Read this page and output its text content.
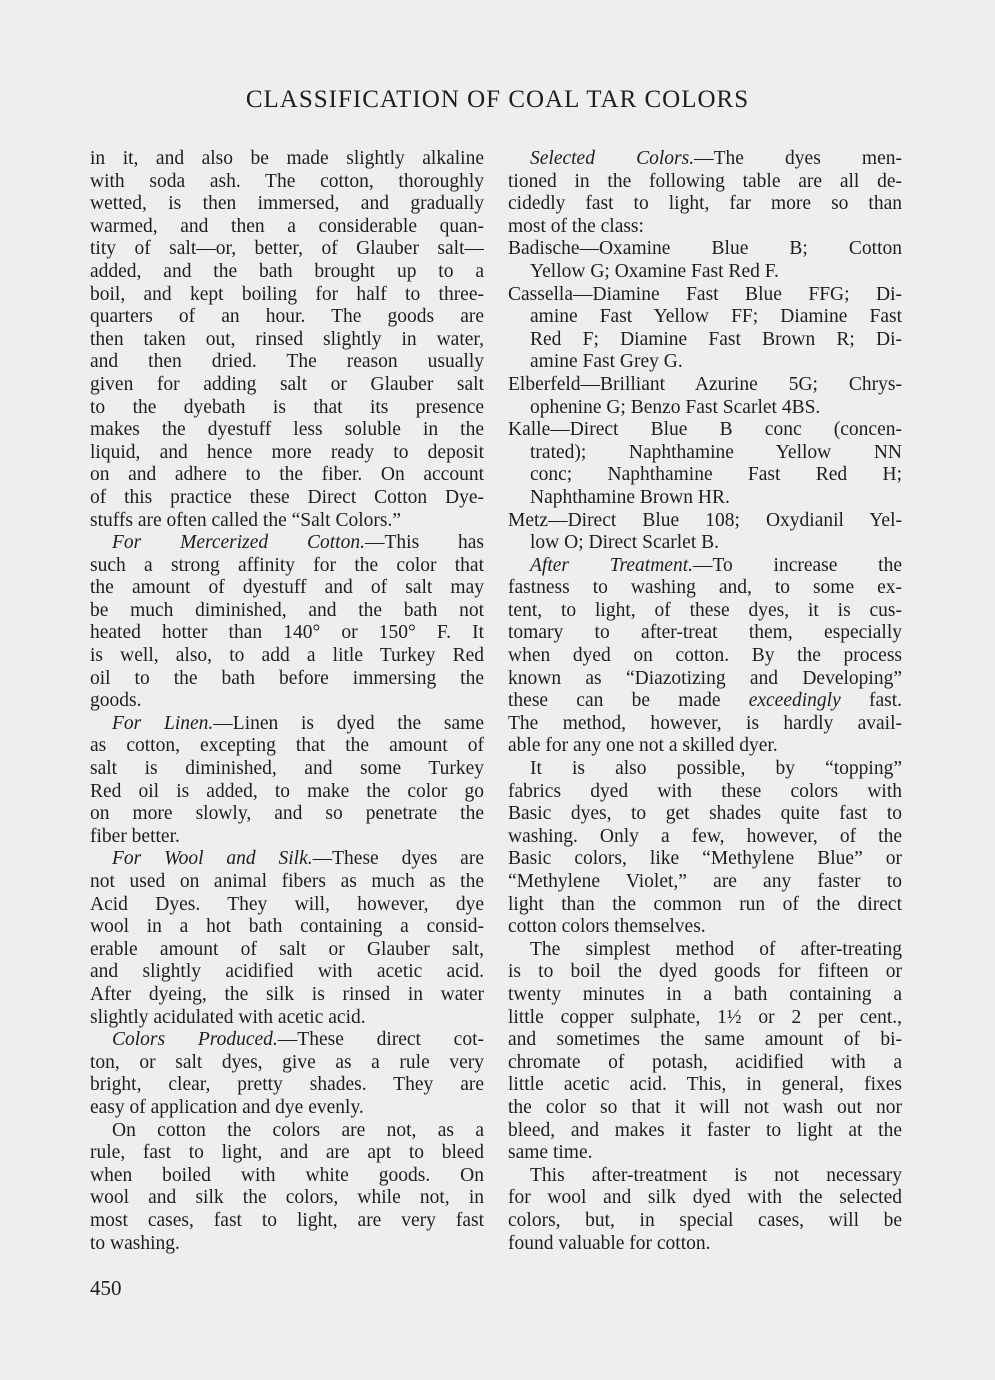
CLASSIFICATION OF COAL TAR COLORS
in it, and also be made slightly alkaline
with soda ash. The cotton, thoroughly
wetted, is then immersed, and gradually
warmed, and then a considerable quan-
tity of salt—or, better, of Glauber salt—
added, and the bath brought up to a
boil, and kept boiling for half to three-
quarters of an hour. The goods are
then taken out, rinsed slightly in water,
and then dried. The reason usually
given for adding salt or Glauber salt
to the dyebath is that its presence
makes the dyestuff less soluble in the
liquid, and hence more ready to deposit
on and adhere to the fiber. On account
of this practice these Direct Cotton Dye-
stuffs are often called the “Salt Colors.”
For Mercerized Cotton.—This has
such a strong affinity for the color that
the amount of dyestuff and of salt may
be much diminished, and the bath not
heated hotter than 140° or 150° F. It
is well, also, to add a litle Turkey Red
oil to the bath before immersing the
goods.
For Linen.—Linen is dyed the same
as cotton, excepting that the amount of
salt is diminished, and some Turkey
Red oil is added, to make the color go
on more slowly, and so penetrate the
fiber better.
For Wool and Silk.—These dyes are
not used on animal fibers as much as the
Acid Dyes. They will, however, dye
wool in a hot bath containing a consid-
erable amount of salt or Glauber salt,
and slightly acidified with acetic acid.
After dyeing, the silk is rinsed in water
slightly acidulated with acetic acid.
Colors Produced.—These direct cot-
ton, or salt dyes, give as a rule very
bright, clear, pretty shades. They are
easy of application and dye evenly.
On cotton the colors are not, as a
rule, fast to light, and are apt to bleed
when boiled with white goods. On
wool and silk the colors, while not, in
most cases, fast to light, are very fast
to washing.
Selected Colors.—The dyes men-
tioned in the following table are all de-
cidedly fast to light, far more so than
most of the class:
Badische—Oxamine Blue B; Cotton
Yellow G; Oxamine Fast Red F.
Cassella—Diamine Fast Blue FFG; Di-
amine Fast Yellow FF; Diamine Fast
Red F; Diamine Fast Brown R; Di-
amine Fast Grey G.
Elberfeld—Brilliant Azurine 5G; Chrys-
ophenine G; Benzo Fast Scarlet 4BS.
Kalle—Direct Blue B conc (concen-
trated); Naphthamine Yellow NN
conc; Naphthamine Fast Red H;
Naphthamine Brown HR.
Metz—Direct Blue 108; Oxydianil Yel-
low O; Direct Scarlet B.
After Treatment.—To increase the
fastness to washing and, to some ex-
tent, to light, of these dyes, it is cus-
tomary to after-treat them, especially
when dyed on cotton. By the process
known as “Diazotizing and Developing”
these can be made exceedingly fast.
The method, however, is hardly avail-
able for any one not a skilled dyer.
It is also possible, by “topping”
fabrics dyed with these colors with
Basic dyes, to get shades quite fast to
washing. Only a few, however, of the
Basic colors, like “Methylene Blue” or
“Methylene Violet,” are any faster to
light than the common run of the direct
cotton colors themselves.
The simplest method of after-treating
is to boil the dyed goods for fifteen or
twenty minutes in a bath containing a
little copper sulphate, 1½ or 2 per cent.,
and sometimes the same amount of bi-
chromate of potash, acidified with a
little acetic acid. This, in general, fixes
the color so that it will not wash out nor
bleed, and makes it faster to light at the
same time.
This after-treatment is not necessary
for wool and silk dyed with the selected
colors, but, in special cases, will be
found valuable for cotton.
450
